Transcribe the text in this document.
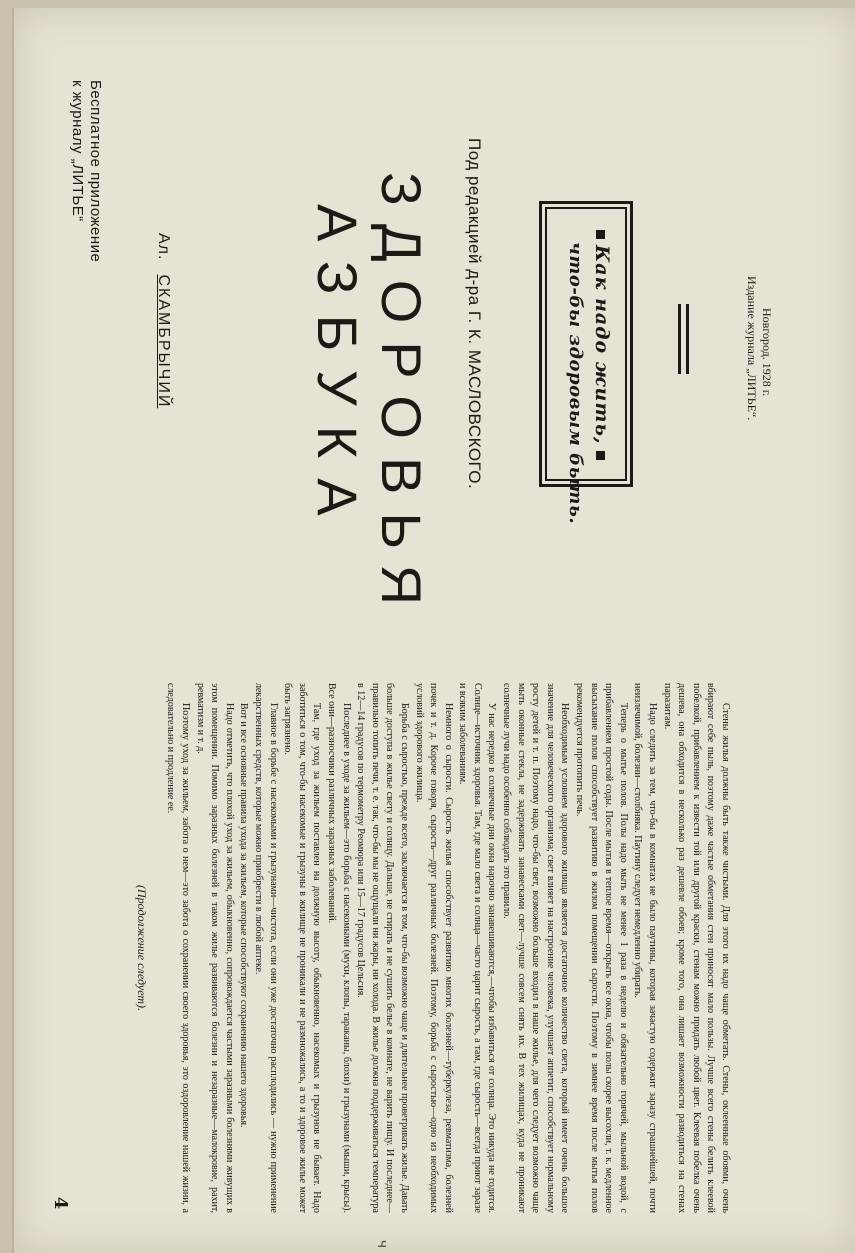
4	Стены жилья должны быть также чистыми. Для этого их надо чаще обметать. Стены, оклеенные обоями, очень вбирают себе пыль, поэтому даже частые обметания стен приносят мало пользы. Лучше всего стены белить клеевой побелкой, прибавлением к извести той или другой краски, стенам можно придать любой цвет. Клеевая побелка очень дешева, она обходится в несколько раз дешевле обоев; кроме того, она лишает возможности разводиться на стенах паразитам.

Надо следить за тем, что-бы в комнатах не было паутины, которая зачастую содержит заразу страшнейшей, почти неизлечимой, болезни—столбняка. Паутину следует немедленно убирать.

Теперь о мытье полов. Полы надо мыть не менее 1 раза в неделю и обязательно горячей, мыльной водой, с прибавлением простой соды. После мытья в теплое время—открыть все окна, чтобы полы скорее высохли, т. к. медленное высыхание полов способствует развитию в жилом помещении сырости. Поэтому в зимнее время после мытья полов рекомендуется протопить печь.

Необходимым условием здорового жилища является достаточное количество света, который имеет очень большое значение для человеческого организма; свет влияет на настроение человека, улучшает аппетит, способствует нормальному росту детей и т. п. Поэтому надо, что-бы свет, возможно больше входил в наше жилье, для чего следует возможно чаще мыть оконные стекла, не задерживать занавесками свет—лучше совсем снять их. В тех жилищах, куда не проникают солнечные лучи надо особенно соблюдать это правило.

У нас нередко в солнечные дни окна нарочно занавешиваются,—чтобы избавиться от солнца. Это никуда не годится. Солнце—источник здоровья. Там, где мало света и солнца—часто царит сырость, а там, где сырость—всегда приют заразе и всяким заболеваниям.

Немного о сырости. Сырость жилья способствует развитию многих болезней—туберкулеза, ревматизма, болезней почек и т. д. Короче говоря, сырость—друг различных болезней. Поэтому, борьба с сыростью—одно из необходимых условий здорового жилища.

Борьба с сыростью, прежде всего, заключается в том, что-бы возможно чаще и длительнее проветривать жилье. Давать больше доступа в жилье свету и солнцу. Дальше, не стирать и не сушить белье в комнате, не варить пищу. И последнее—правильно топить печи, т. е. так, что-бы мы не ощущали ни жары, ни холода. В жилье должна поддерживаться температура в 12—14 градусов по термометру Реомюра или 15—17 градусов Цельсия.

Последнее в уходе за жильем—это борьба с насекомыми (мухи, клопы, тараканы, блохи) и грызунами (мыши, крысы). Все они—разносчики различных заразных заболеваний.

Там, где уход за жильем поставлен на должную высоту, обыкновенно, насекомых и грызунов не бывает. Надо заботиться о том, что-бы насекомые и грызуны в жилище не проникали и не размножались, а то и здоровое жилье может быть загрязнено.

Главное в борьбе с насекомыми и грызунами—чистота, если они уже достаточно расплодились — нужно применение лекарственных средств, которые можно приобрести в любой аптеке.

Вот и все основные правила ухода за жильем, которые способствуют сохранению нашего здоровья.

Надо отметить, что плохой уход за жильем, обыкновенно, сопровождается частыми заразными болезнями живущих в этом помещении. Помимо заразных болезней в таком жилье развиваются болезни и незаразные—малокровие, рахит, ревматизм и т. д.

Поэтому уход за жильем, забота о нем—это забота о сохранении своего здоровья, это оздоровление нашей жизни, а следовательно и продление ее.

(Продолжение следует).

Бесплатное приложение
к журналу „ЛИТЬЕ“
Ал.СКАМБРЫЧИЙ АЗБУКА ЗДОРОВЬЯ Под редакцией д-ра Г. К. МАСЛОВСКОГО.	Как надо жить,
что-бы здоровым быть.	Новгород. 1928 г.
Издание журнала „ЛИТЬЕ“.
ч
